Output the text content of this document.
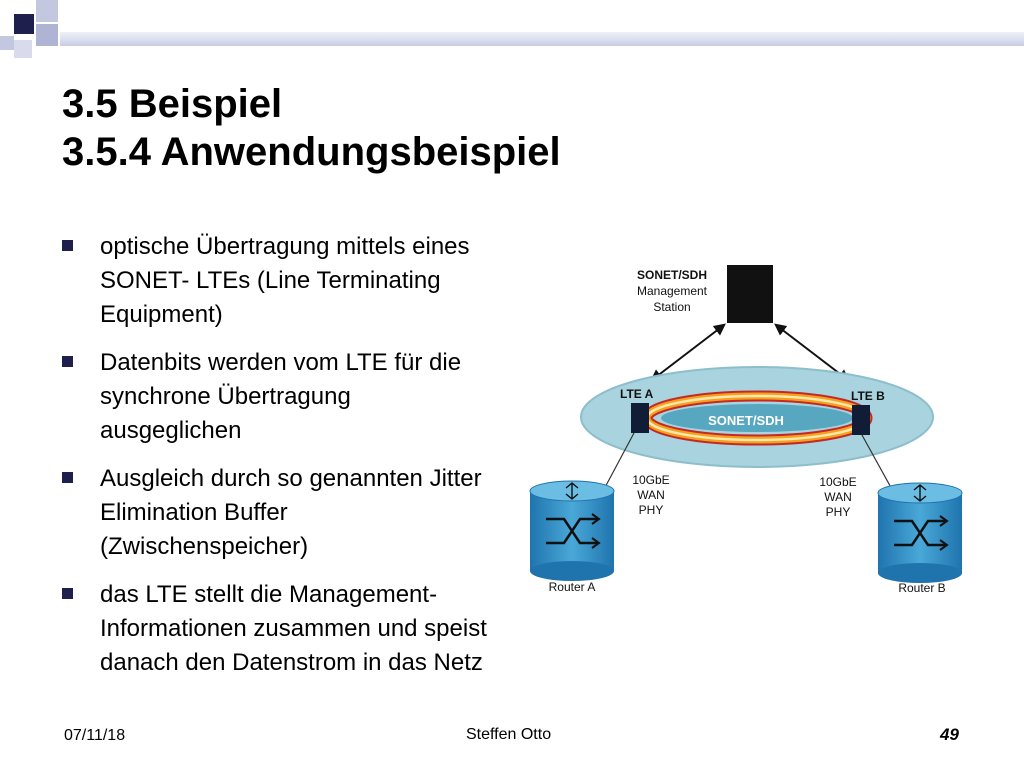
3.5 Beispiel
3.5.4 Anwendungsbeispiel
optische Übertragung mittels eines SONET- LTEs (Line Terminating Equipment)
Datenbits werden vom LTE für die synchrone Übertragung ausgeglichen
Ausgleich durch so genannten Jitter Elimination Buffer (Zwischenspeicher)
das LTE stellt die Management- Informationen zusammen und speist danach den Datenstrom in das Netz
SONET/SDH
Management
Station
SONET/SDH
LTE A	LTE B
10GbE
WAN
PHY
10GbE
WAN
PHY
Router A	Router B
07/11/18	Steffen Otto	49
